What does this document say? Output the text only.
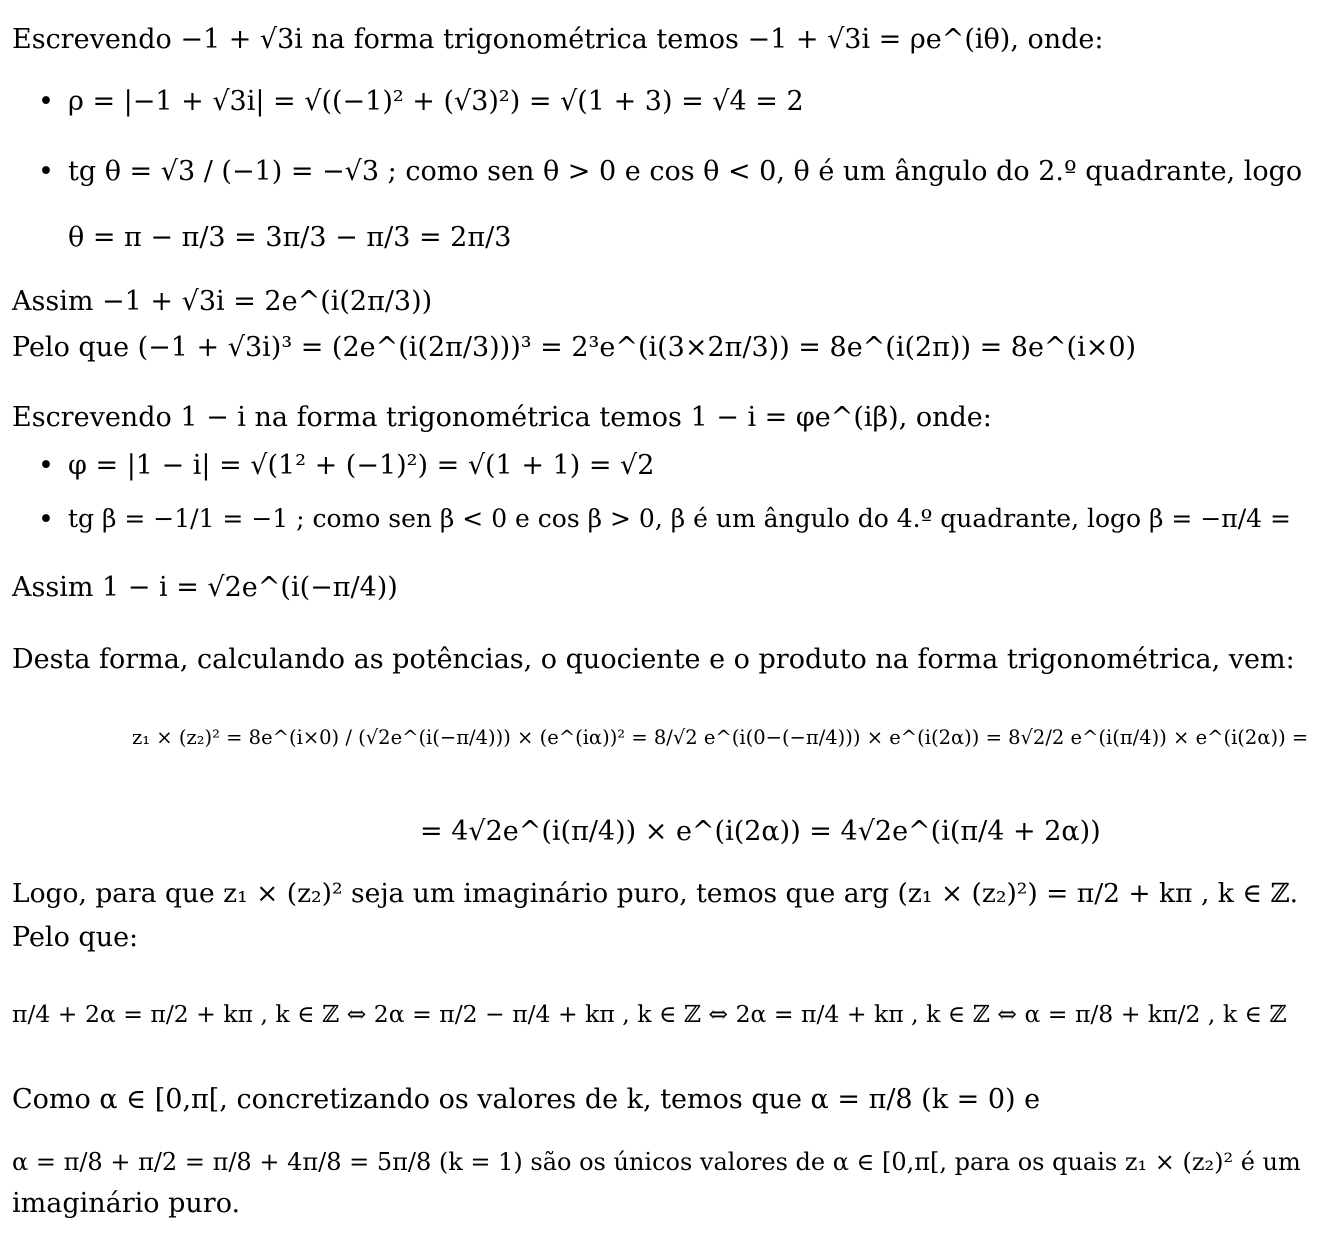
Escrevendo −1 + √3i na forma trigonométrica temos −1 + √3i = ρe^(iθ), onde:
• ρ = |−1 + √3i| = √((−1)² + (√3)²) = √(1 + 3) = √4 = 2
• tg θ = √3 / (−1) = −√3 ; como sen θ > 0 e cos θ < 0, θ é um ângulo do 2.º quadrante, logo
θ = π − π/3 = 3π/3 − π/3 = 2π/3
Assim −1 + √3i = 2e^(i(2π/3))
Pelo que (−1 + √3i)³ = (2e^(i(2π/3)))³ = 2³e^(i(3×2π/3)) = 8e^(i(2π)) = 8e^(i×0)
Escrevendo 1 − i na forma trigonométrica temos 1 − i = φe^(iβ), onde:
• φ = |1 − i| = √(1² + (−1)²) = √(1 + 1) = √2
• tg β = −1/1 = −1 ; como sen β < 0 e cos β > 0, β é um ângulo do 4.º quadrante, logo β = −π/4 =
Assim 1 − i = √2e^(i(−π/4))
Desta forma, calculando as potências, o quociente e o produto na forma trigonométrica, vem:
z₁ × (z₂)² = 8e^(i×0) / (√2e^(i(−π/4))) × (e^(iα))² = 8/√2 e^(i(0−(−π/4))) × e^(i(2α)) = 8√2/2 e^(i(π/4)) × e^(i(2α)) =
= 4√2e^(i(π/4)) × e^(i(2α)) = 4√2e^(i(π/4 + 2α))
Logo, para que z₁ × (z₂)² seja um imaginário puro, temos que arg (z₁ × (z₂)²) = π/2 + kπ , k ∈ ℤ.
Pelo que:
π/4 + 2α = π/2 + kπ , k ∈ ℤ ⇔ 2α = π/2 − π/4 + kπ , k ∈ ℤ ⇔ 2α = π/4 + kπ , k ∈ ℤ ⇔ α = π/8 + kπ/2 , k ∈ ℤ
Como α ∈ [0,π[, concretizando os valores de k, temos que α = π/8 (k = 0) e
α = π/8 + π/2 = π/8 + 4π/8 = 5π/8 (k = 1) são os únicos valores de α ∈ [0,π[, para os quais z₁ × (z₂)² é um
imaginário puro.
